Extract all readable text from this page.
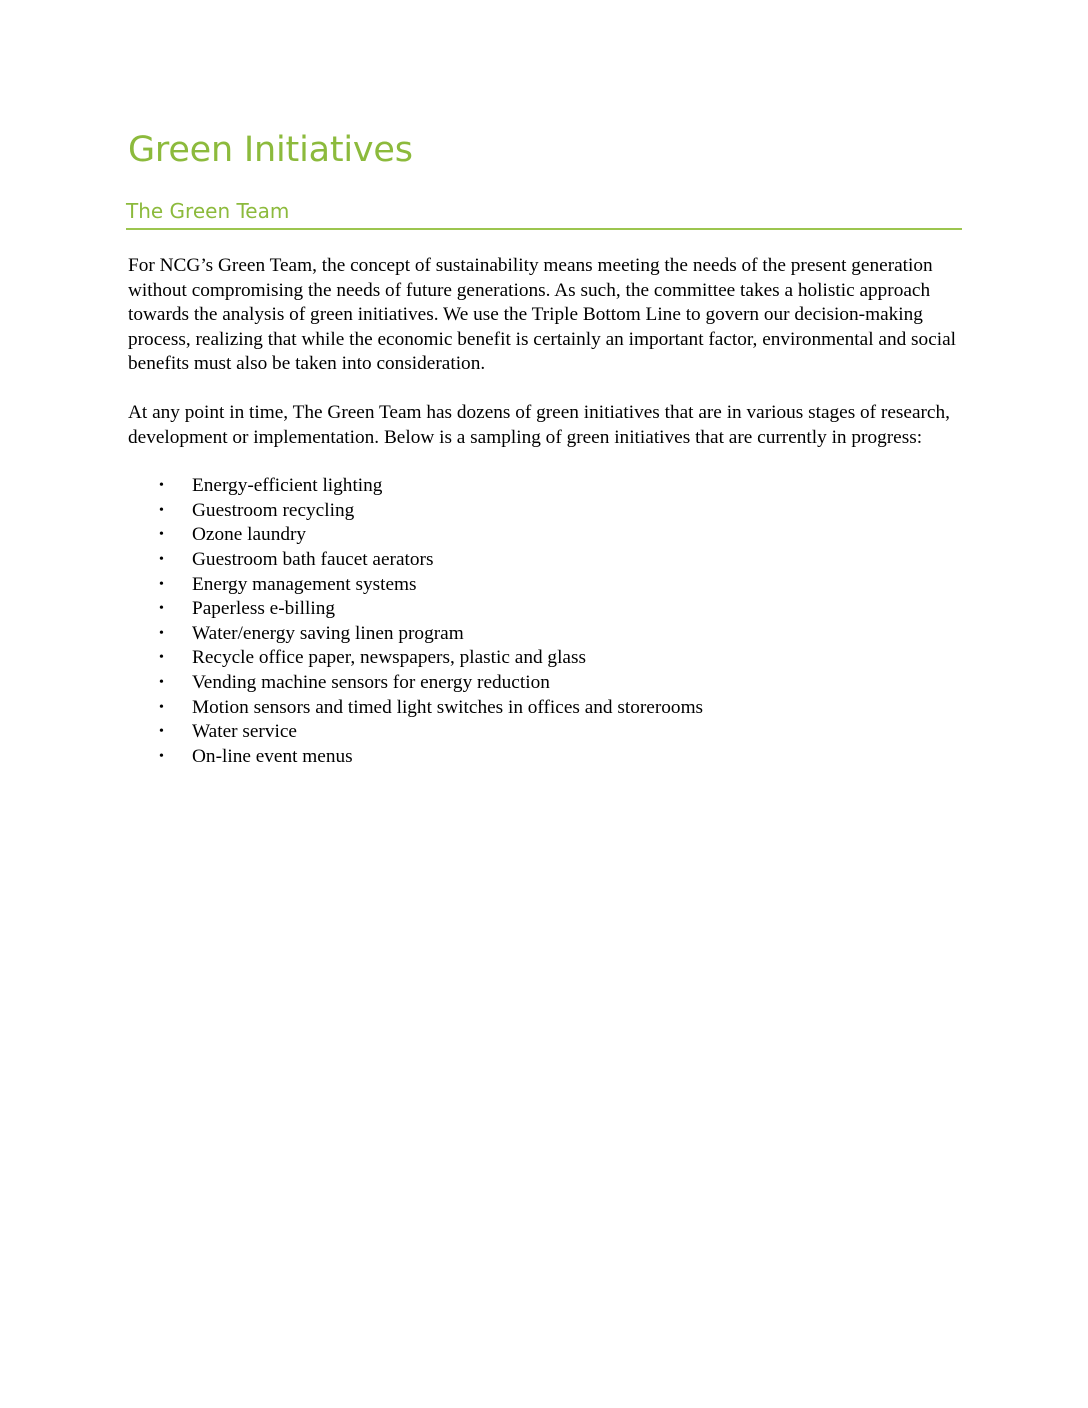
Green Initiatives
The Green Team

For NCG’s Green Team, the concept of sustainability means meeting the needs of the present generation without compromising the needs of future generations. As such, the committee takes a holistic approach towards the analysis of green initiatives. We use the Triple Bottom Line to govern our decision-making process, realizing that while the economic benefit is certainly an important factor, environmental and social benefits must also be taken into consideration.

At any point in time, The Green Team has dozens of green initiatives that are in various stages of research, development or implementation. Below is a sampling of green initiatives that are currently in progress:

• Energy-efficient lighting
• Guestroom recycling
• Ozone laundry
• Guestroom bath faucet aerators
• Energy management systems
• Paperless e-billing
• Water/energy saving linen program
• Recycle office paper, newspapers, plastic and glass
• Vending machine sensors for energy reduction
• Motion sensors and timed light switches in offices and storerooms
• Water service
• On-line event menus
